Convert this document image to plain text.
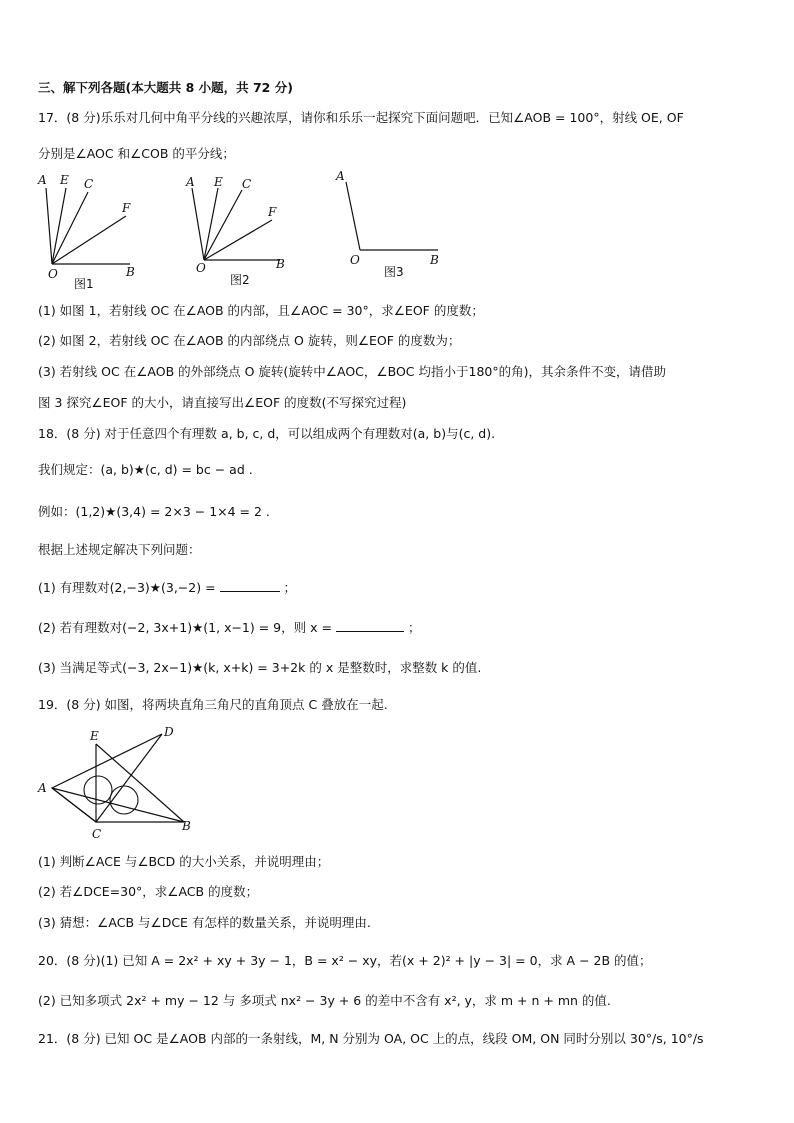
三、解下列各题(本大题共 8 小题，共 72 分)
17．(8 分)乐乐对几何中角平分线的兴趣浓厚，请你和乐乐一起探究下面问题吧．已知∠AOB = 100°，射线 OE, OF
分别是∠AOC 和∠COB 的平分线；
A E C
F
O	B
图1
A E C
F
O	B
图2
A
O	B
图3
(1) 如图 1，若射线 OC 在∠AOB 的内部，且∠AOC = 30°，求∠EOF 的度数；
(2) 如图 2，若射线 OC 在∠AOB 的内部绕点 O 旋转，则∠EOF 的度数为；
(3) 若射线 OC 在∠AOB 的外部绕点 O 旋转(旋转中∠AOC，∠BOC 均指小于180°的角)，其余条件不变，请借助
图 3 探究∠EOF 的大小，请直接写出∠EOF 的度数(不写探究过程)
18．(8 分) 对于任意四个有理数 a, b, c, d，可以组成两个有理数对(a, b)与(c, d).
我们规定：(a, b)★(c, d) = bc − ad .
例如：(1,2)★(3,4) = 2×3 − 1×4 = 2 .
根据上述规定解决下列问题：
(1) 有理数对(2,−3)★(3,−2) =	；
(2) 若有理数对(−2, 3x+1)★(1, x−1) = 9，则 x =	；
(3) 当满足等式(−3, 2x−1)★(k, x+k) = 3+2k 的 x 是整数时，求整数 k 的值.
19．(8 分) 如图，将两块直角三角尺的直角顶点 C 叠放在一起.
E	D
A
C
B
(1) 判断∠ACE 与∠BCD 的大小关系，并说明理由；
(2) 若∠DCE=30°，求∠ACB 的度数；
(3) 猜想：∠ACB 与∠DCE 有怎样的数量关系，并说明理由.
20．(8 分)(1) 已知 A = 2x² + xy + 3y − 1，B = x² − xy，若(x + 2)² + |y − 3| = 0，求 A − 2B 的值；
(2) 已知多项式 2x² + my − 12 与 多项式 nx² − 3y + 6 的差中不含有 x², y，求 m + n + mn 的值.
21．(8 分) 已知 OC 是∠AOB 内部的一条射线，M, N 分别为 OA, OC 上的点，线段 OM, ON 同时分别以 30°/s, 10°/s
